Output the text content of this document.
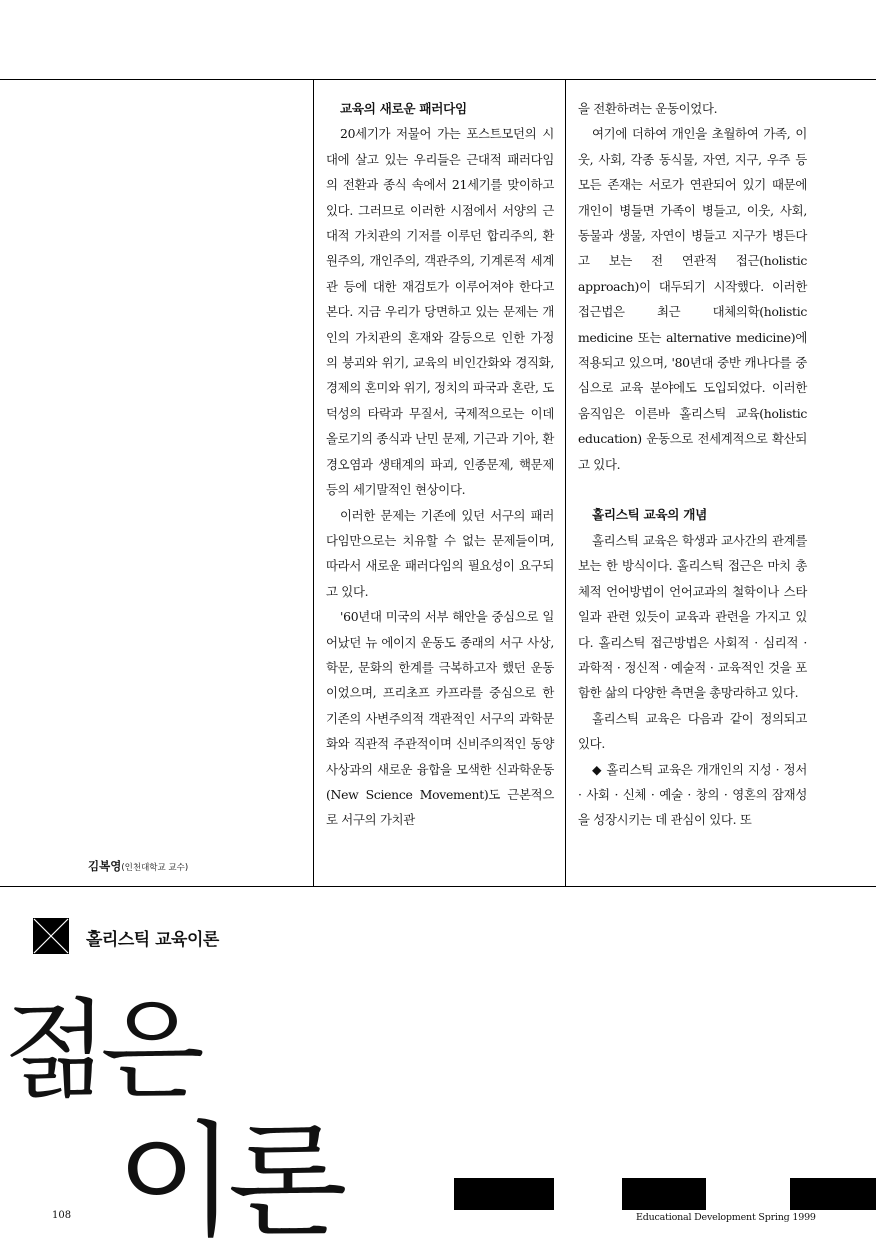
교육의 새로운 패러다임

20세기가 저물어 가는 포스트모던의 시대에 살고 있는 우리들은 근대적 패러다임의 전환과 종식 속에서 21세기를 맞이하고 있다. 그러므로 이러한 시점에서 서양의 근대적 가치관의 기저를 이루던 합리주의, 환원주의, 개인주의, 객관주의, 기계론적 세계관 등에 대한 재검토가 이루어져야 한다고 본다. 지금 우리가 당면하고 있는 문제는 개인의 가치관의 혼재와 갈등으로 인한 가정의 붕괴와 위기, 교육의 비인간화와 경직화, 경제의 혼미와 위기, 정치의 파국과 혼란, 도덕성의 타락과 무질서, 국제적으로는 이데올로기의 종식과 난민 문제, 기근과 기아, 환경오염과 생태계의 파괴, 인종문제, 핵문제 등의 세기말적인 현상이다.

이러한 문제는 기존에 있던 서구의 패러다임만으로는 치유할 수 없는 문제들이며, 따라서 새로운 패러다임의 필요성이 요구되고 있다.

'60년대 미국의 서부 해안을 중심으로 일어났던 뉴 에이지 운동도 종래의 서구 사상, 학문, 문화의 한계를 극복하고자 했던 운동이었으며, 프리초프 카프라를 중심으로 한 기존의 사변주의적 객관적인 서구의 과학문화와 직관적 주관적이며 신비주의적인 동양사상과의 새로운 융합을 모색한 신과학운동(New Science Movement)도 근본적으로 서구의 가치관

을 전환하려는 운동이었다.

여기에 더하여 개인을 초월하여 가족, 이웃, 사회, 각종 동식물, 자연, 지구, 우주 등 모든 존재는 서로가 연관되어 있기 때문에 개인이 병들면 가족이 병들고, 이웃, 사회, 동물과 생물, 자연이 병들고 지구가 병든다고 보는 전 연관적 접근(holistic approach)이 대두되기 시작했다. 이러한 접근법은 최근 대체의학(holistic medicine 또는 alternative medicine)에 적용되고 있으며, '80년대 중반 캐나다를 중심으로 교육 분야에도 도입되었다. 이러한 움직임은 이른바 홀리스틱 교육(holistic education) 운동으로 전세계적으로 확산되고 있다.

홀리스틱 교육의 개념

홀리스틱 교육은 학생과 교사간의 관계를 보는 한 방식이다. 홀리스틱 접근은 마치 총체적 언어방법이 언어교과의 철학이나 스타일과 관련 있듯이 교육과 관련을 가지고 있다. 홀리스틱 접근방법은 사회적 · 심리적 · 과학적 · 정신적 · 예술적 · 교육적인 것을 포함한 삶의 다양한 측면을 총망라하고 있다.

홀리스틱 교육은 다음과 같이 정의되고 있다.

◆ 홀리스틱 교육은 개개인의 지성 · 정서 · 사회 · 신체 · 예술 · 창의 · 영혼의 잠재성을 성장시키는 데 관심이 있다. 또

김복영(인천대학교 교수)
홀리스틱 교육이론
젊은
이론
108	Educational Development Spring 1999
